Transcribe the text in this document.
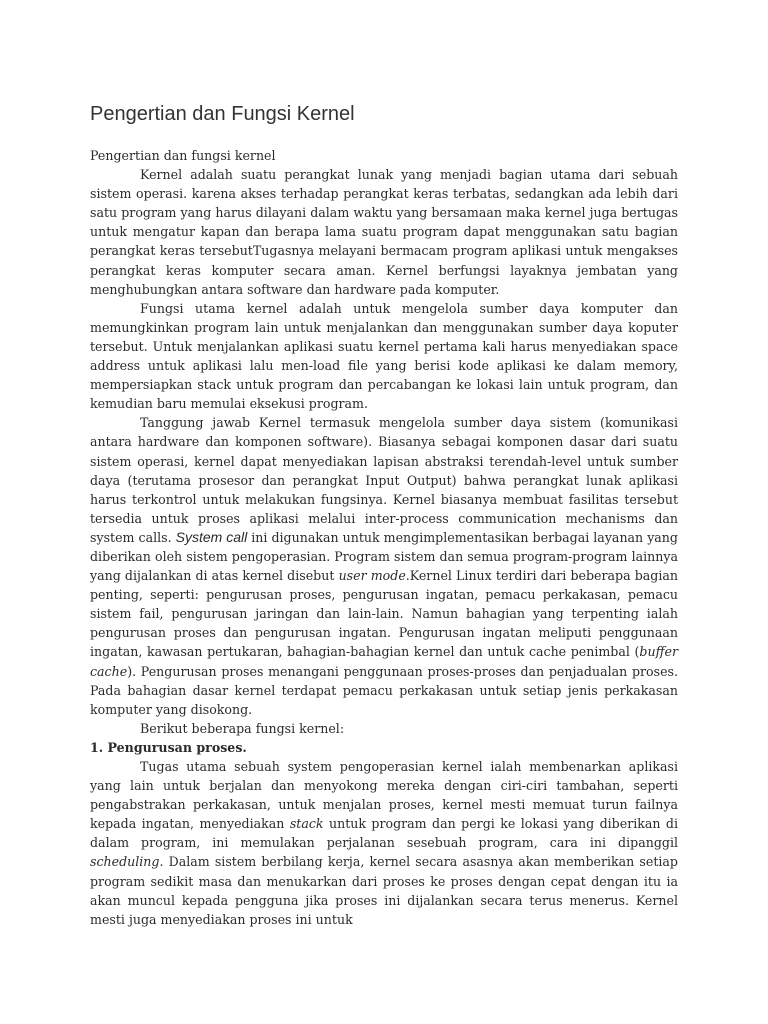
Pengertian dan Fungsi Kernel

Pengertian dan fungsi kernel

Kernel adalah suatu perangkat lunak yang menjadi bagian utama dari sebuah sistem operasi. karena akses terhadap perangkat keras terbatas, sedangkan ada lebih dari satu program yang harus dilayani dalam waktu yang bersamaan maka kernel juga bertugas untuk mengatur kapan dan berapa lama suatu program dapat menggunakan satu bagian perangkat keras tersebutTugasnya melayani bermacam program aplikasi untuk mengakses perangkat keras komputer secara aman. Kernel berfungsi layaknya jembatan yang menghubungkan antara software dan hardware pada komputer.

Fungsi utama kernel adalah untuk mengelola sumber daya komputer dan memungkinkan program lain untuk menjalankan dan menggunakan sumber daya koputer tersebut. Untuk menjalankan aplikasi suatu kernel pertama kali harus menyediakan space address untuk aplikasi lalu men-load file yang berisi kode aplikasi ke dalam memory, mempersiapkan stack untuk program dan percabangan ke lokasi lain untuk program, dan kemudian baru memulai eksekusi program.

Tanggung jawab Kernel termasuk mengelola sumber daya sistem (komunikasi antara hardware dan komponen software). Biasanya sebagai komponen dasar dari suatu sistem operasi, kernel dapat menyediakan lapisan abstraksi terendah-level untuk sumber daya (terutama prosesor dan perangkat Input Output) bahwa perangkat lunak aplikasi harus terkontrol untuk melakukan fungsinya. Kernel biasanya membuat fasilitas tersebut tersedia untuk proses aplikasi melalui inter-process communication mechanisms dan system calls. System call ini digunakan untuk mengimplementasikan berbagai layanan yang diberikan oleh sistem pengoperasian. Program sistem dan semua program-program lainnya yang dijalankan di atas kernel disebut user mode.Kernel Linux terdiri dari beberapa bagian penting, seperti: pengurusan proses, pengurusan ingatan, pemacu perkakasan, pemacu sistem fail, pengurusan jaringan dan lain-lain. Namun bahagian yang terpenting ialah pengurusan proses dan pengurusan ingatan. Pengurusan ingatan meliputi penggunaan ingatan, kawasan pertukaran, bahagian-bahagian kernel dan untuk cache penimbal (buffer cache). Pengurusan proses menangani penggunaan proses-proses dan penjadualan proses. Pada bahagian dasar kernel terdapat pemacu perkakasan untuk setiap jenis perkakasan komputer yang disokong.

Berikut beberapa fungsi kernel:

1. Pengurusan proses.

Tugas utama sebuah system pengoperasian kernel ialah membenarkan aplikasi yang lain untuk berjalan dan menyokong mereka dengan ciri-ciri tambahan, seperti pengabstrakan perkakasan, untuk menjalan proses, kernel mesti memuat turun failnya kepada ingatan, menyediakan stack untuk program dan pergi ke lokasi yang diberikan di dalam program, ini memulakan perjalanan sesebuah program, cara ini dipanggil scheduling. Dalam sistem berbilang kerja, kernel secara asasnya akan memberikan setiap program sedikit masa dan menukarkan dari proses ke proses dengan cepat dengan itu ia akan muncul kepada pengguna jika proses ini dijalankan secara terus menerus. Kernel mesti juga menyediakan proses ini untuk
